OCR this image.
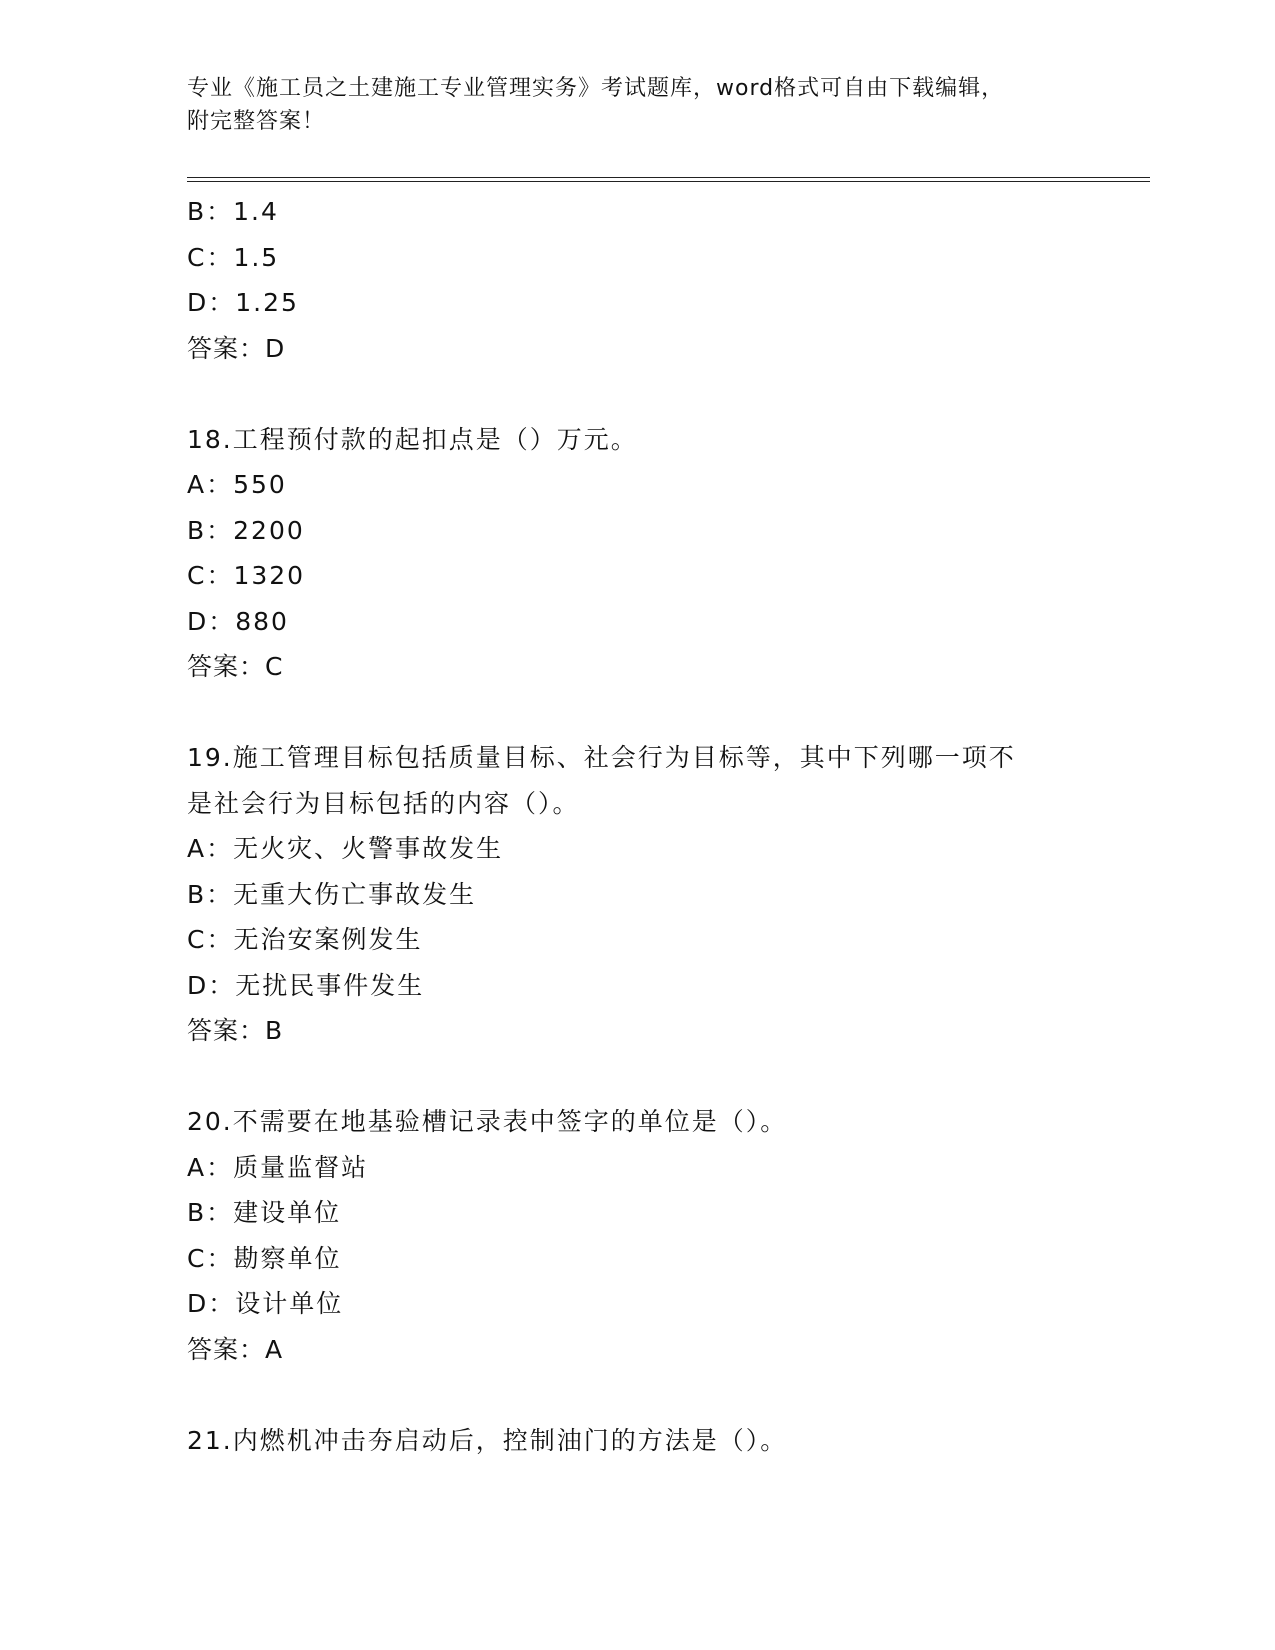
专业《施工员之土建施工专业管理实务》考试题库，word格式可自由下载编辑，
附完整答案！
B：1.4
C：1.5
D：1.25
答案：D
18.工程预付款的起扣点是（）万元。
A：550
B：2200
C：1320
D：880
答案：C
19.施工管理目标包括质量目标、社会行为目标等，其中下列哪一项不
是社会行为目标包括的内容（）。
A：无火灾、火警事故发生
B：无重大伤亡事故发生
C：无治安案例发生
D：无扰民事件发生
答案：B
20.不需要在地基验槽记录表中签字的单位是（）。
A：质量监督站
B：建设单位
C：勘察单位
D：设计单位
答案：A
21.内燃机冲击夯启动后，控制油门的方法是（）。
